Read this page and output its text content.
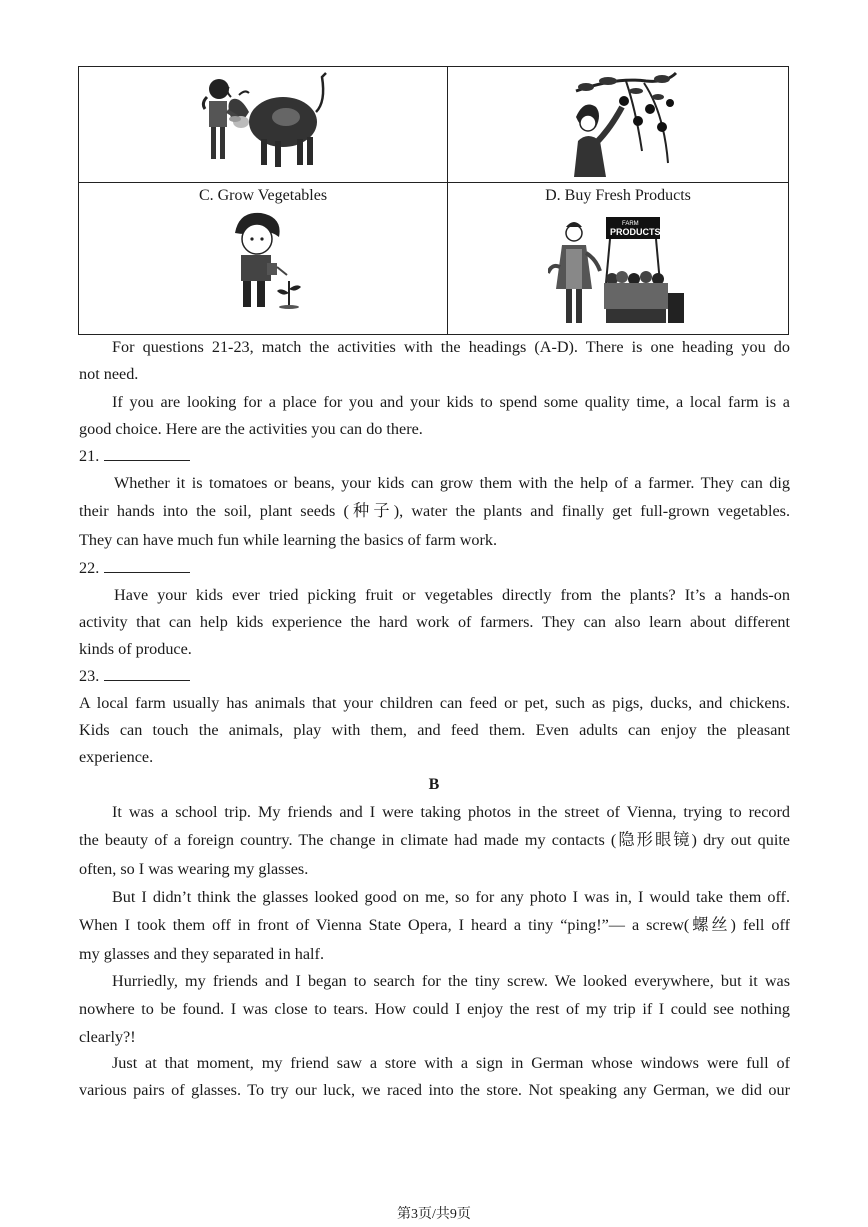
C. Grow Vegetables	D. Buy Fresh Products
FARM
PRODUCTS
For questions 21-23, match the activities with the headings (A-D). There is one heading you do
not need.
If you are looking for a place for you and your kids to spend some quality time, a local farm is a
good choice. Here are the activities you can do there.
21.
Whether it is tomatoes or beans, your kids can grow them with the help of a farmer. They can dig
their hands into the soil, plant seeds (种子), water the plants and finally get full-grown vegetables.
They can have much fun while learning the basics of farm work.
22.
Have your kids ever tried picking fruit or vegetables directly from the plants? It’s a hands-on
activity that can help kids experience the hard work of farmers. They can also learn about different
kinds of produce.
23.
A local farm usually has animals that your children can feed or pet, such as pigs, ducks, and chickens.
Kids can touch the animals, play with them, and feed them. Even adults can enjoy the pleasant
experience.
B
It was a school trip. My friends and I were taking photos in the street of Vienna, trying to record
the beauty of a foreign country. The change in climate had made my contacts (隐形眼镜) dry out quite
often, so I was wearing my glasses.
But I didn’t think the glasses looked good on me, so for any photo I was in, I would take them off.
When I took them off in front of Vienna State Opera, I heard a tiny “ping!”— a screw(螺丝) fell off
my glasses and they separated in half.
Hurriedly, my friends and I began to search for the tiny screw. We looked everywhere, but it was
nowhere to be found. I was close to tears. How could I enjoy the rest of my trip if I could see nothing
clearly?!
Just at that moment, my friend saw a store with a sign in German whose windows were full of
various pairs of glasses. To try our luck, we raced into the store. Not speaking any German, we did our
第3页/共9页
